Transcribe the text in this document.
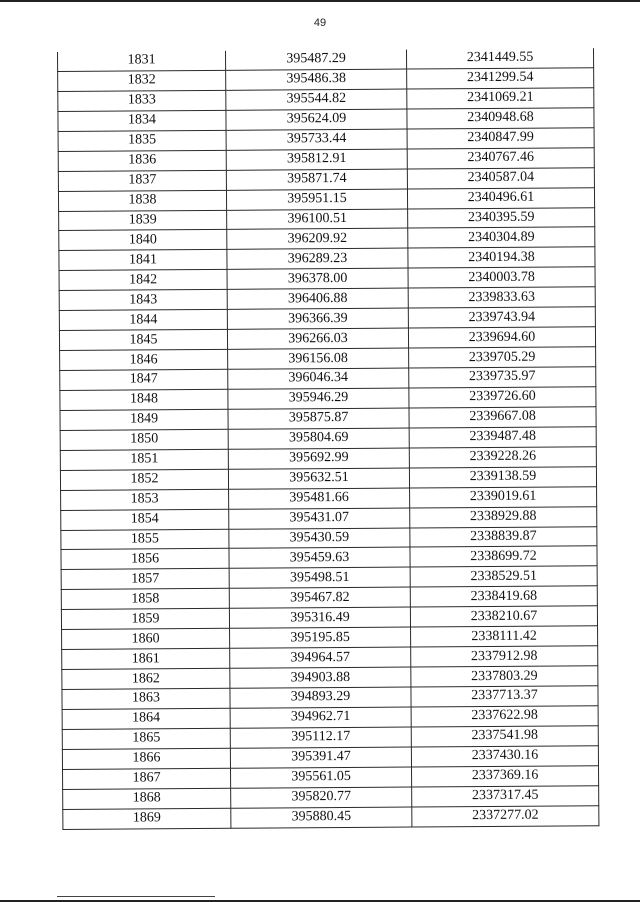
49
1831	395487.29	2341449.55
1832	395486.38	2341299.54
1833	395544.82	2341069.21
1834	395624.09	2340948.68
1835	395733.44	2340847.99
1836	395812.91	2340767.46
1837	395871.74	2340587.04
1838	395951.15	2340496.61
1839	396100.51	2340395.59
1840	396209.92	2340304.89
1841	396289.23	2340194.38
1842	396378.00	2340003.78
1843	396406.88	2339833.63
1844	396366.39	2339743.94
1845	396266.03	2339694.60
1846	396156.08	2339705.29
1847	396046.34	2339735.97
1848	395946.29	2339726.60
1849	395875.87	2339667.08
1850	395804.69	2339487.48
1851	395692.99	2339228.26
1852	395632.51	2339138.59
1853	395481.66	2339019.61
1854	395431.07	2338929.88
1855	395430.59	2338839.87
1856	395459.63	2338699.72
1857	395498.51	2338529.51
1858	395467.82	2338419.68
1859	395316.49	2338210.67
1860	395195.85	2338111.42
1861	394964.57	2337912.98
1862	394903.88	2337803.29
1863	394893.29	2337713.37
1864	394962.71	2337622.98
1865	395112.17	2337541.98
1866	395391.47	2337430.16
1867	395561.05	2337369.16
1868	395820.77	2337317.45
1869	395880.45	2337277.02
